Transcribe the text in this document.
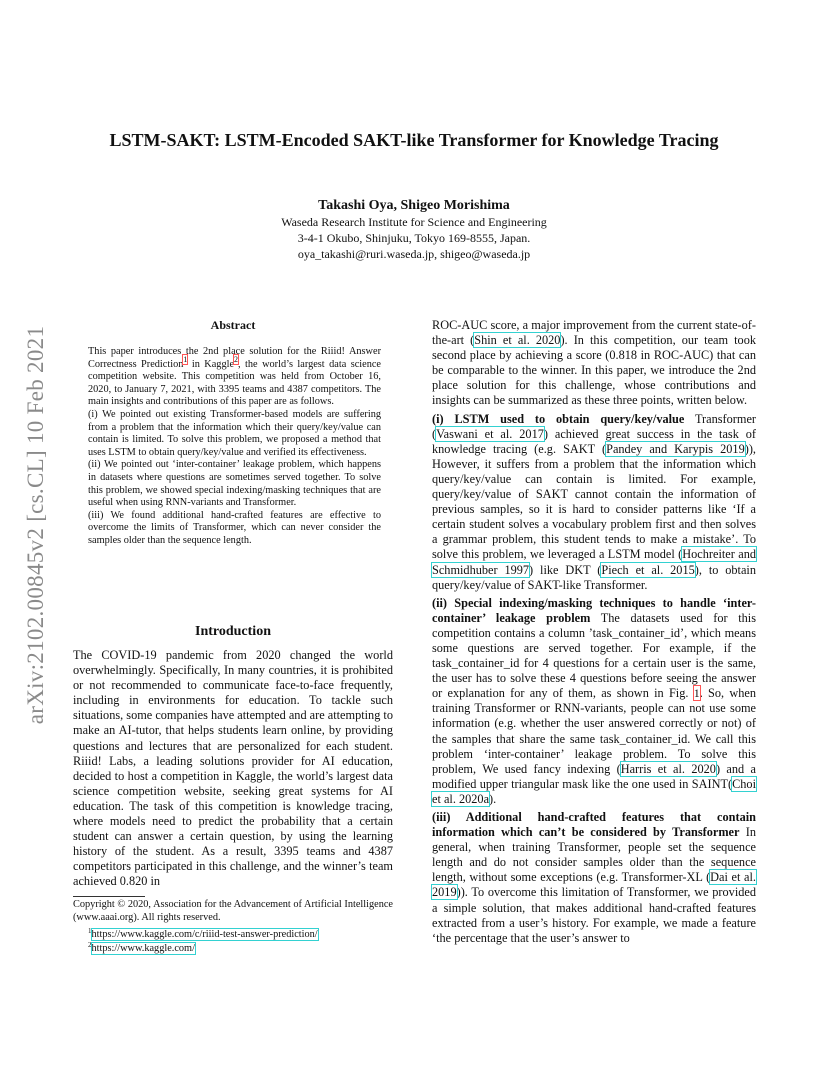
arXiv:2102.00845v2 [cs.CL] 10 Feb 2021
LSTM-SAKT: LSTM-Encoded SAKT-like Transformer for Knowledge Tracing
Takashi Oya, Shigeo Morishima
Waseda Research Institute for Science and Engineering
3-4-1 Okubo, Shinjuku, Tokyo 169-8555, Japan.
oya_takashi@ruri.waseda.jp, shigeo@waseda.jp
Abstract

This paper introduces the 2nd place solution for the Riiid! Answer Correctness Prediction$^1$ in Kaggle$^2$, the world’s largest data science competition website. This competition was held from October 16, 2020, to January 7, 2021, with 3395 teams and 4387 competitors. The main insights and contributions of this paper are as follows.

(i) We pointed out existing Transformer-based models are suffering from a problem that the information which their query/key/value can contain is limited. To solve this problem, we proposed a method that uses LSTM to obtain query/key/value and verified its effectiveness.

(ii) We pointed out ‘inter-container’ leakage problem, which happens in datasets where questions are sometimes served together. To solve this problem, we showed special indexing/masking techniques that are useful when using RNN-variants and Transformer.

(iii) We found additional hand-crafted features are effective to overcome the limits of Transformer, which can never consider the samples older than the sequence length.

Introduction
The COVID-19 pandemic from 2020 changed the world overwhelmingly. Specifically, In many countries, it is prohibited or not recommended to communicate face-to-face frequently, including in environments for education. To tackle such situations, some companies have attempted and are attempting to make an AI-tutor, that helps students learn online, by providing questions and lectures that are personalized for each student. Riiid! Labs, a leading solutions provider for AI education, decided to host a competition in Kaggle, the world’s largest data science competition website, seeking great systems for AI education. The task of this competition is knowledge tracing, where models need to predict the probability that a certain student can answer a certain question, by using the learning history of the student. As a result, 3395 teams and 4387 competitors participated in this challenge, and the winner’s team achieved 0.820 in
Copyright © 2020, Association for the Advancement of Artificial Intelligence (www.aaai.org). All rights reserved.
$^1$https://www.kaggle.com/c/riiid-test-answer-prediction/
$^2$https://www.kaggle.com/

ROC-AUC score, a major improvement from the current state-of-the-art (Shin et al. 2020). In this competition, our team took second place by achieving a score (0.818 in ROC-AUC) that can be comparable to the winner. In this paper, we introduce the 2nd place solution for this challenge, whose contributions and insights can be summarized as these three points, written below.

(i) LSTM used to obtain query/key/value Transformer (Vaswani et al. 2017) achieved great success in the task of knowledge tracing (e.g. SAKT (Pandey and Karypis 2019)), However, it suffers from a problem that the information which query/key/value can contain is limited. For example, query/key/value of SAKT cannot contain the information of previous samples, so it is hard to consider patterns like ‘If a certain student solves a vocabulary problem first and then solves a grammar problem, this student tends to make a mistake’. To solve this problem, we leveraged a LSTM model (Hochreiter and Schmidhuber 1997) like DKT (Piech et al. 2015), to obtain query/key/value of SAKT-like Transformer.

(ii) Special indexing/masking techniques to handle ‘inter-container’ leakage problem The datasets used for this competition contains a column ’task_container_id’, which means some questions are served together. For example, if the task_container_id for 4 questions for a certain user is the same, the user has to solve these 4 questions before seeing the answer or explanation for any of them, as shown in Fig. 1. So, when training Transformer or RNN-variants, people can not use some information (e.g. whether the user answered correctly or not) of the samples that share the same task_container_id. We call this problem ‘inter-container’ leakage problem. To solve this problem, We used fancy indexing (Harris et al. 2020) and a modified upper triangular mask like the one used in SAINT(Choi et al. 2020a).

(iii) Additional hand-crafted features that contain information which can’t be considered by Transformer In general, when training Transformer, people set the sequence length and do not consider samples older than the sequence length, without some exceptions (e.g. Transformer-XL (Dai et al. 2019)). To overcome this limitation of Transformer, we provided a simple solution, that makes additional hand-crafted features extracted from a user’s history. For example, we made a feature ‘the percentage that the user’s answer to
